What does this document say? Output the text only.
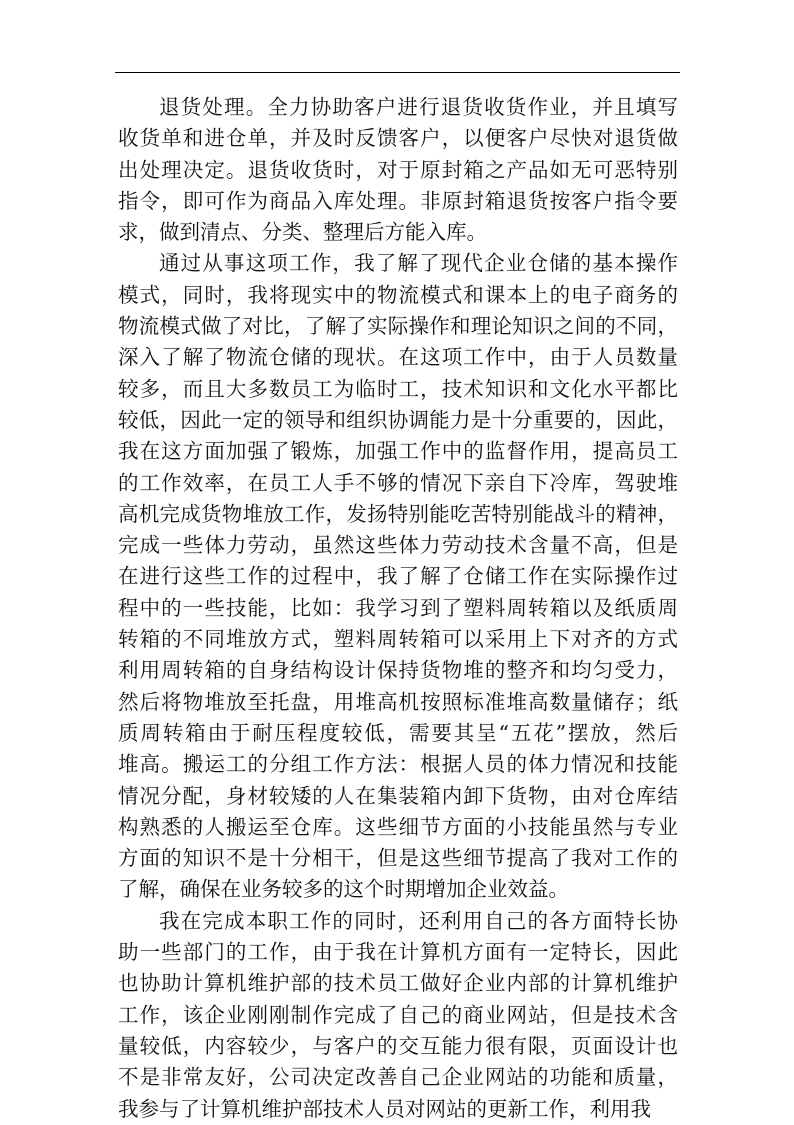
退货处理。全力协助客户进行退货收货作业，并且填写
收货单和进仓单，并及时反馈客户，以便客户尽快对退货做
出处理决定。退货收货时，对于原封箱之产品如无可恶特别
指令，即可作为商品入库处理。非原封箱退货按客户指令要
求，做到清点、分类、整理后方能入库。
通过从事这项工作，我了解了现代企业仓储的基本操作
模式，同时，我将现实中的物流模式和课本上的电子商务的
物流模式做了对比，了解了实际操作和理论知识之间的不同，
深入了解了物流仓储的现状。在这项工作中，由于人员数量
较多，而且大多数员工为临时工，技术知识和文化水平都比
较低，因此一定的领导和组织协调能力是十分重要的，因此，
我在这方面加强了锻炼，加强工作中的监督作用，提高员工
的工作效率，在员工人手不够的情况下亲自下冷库，驾驶堆
高机完成货物堆放工作，发扬特别能吃苦特别能战斗的精神，
完成一些体力劳动，虽然这些体力劳动技术含量不高，但是
在进行这些工作的过程中，我了解了仓储工作在实际操作过
程中的一些技能，比如：我学习到了塑料周转箱以及纸质周
转箱的不同堆放方式，塑料周转箱可以采用上下对齐的方式
利用周转箱的自身结构设计保持货物堆的整齐和均匀受力，
然后将物堆放至托盘，用堆高机按照标准堆高数量储存；纸
质周转箱由于耐压程度较低，需要其呈“五花”摆放，然后
堆高。搬运工的分组工作方法：根据人员的体力情况和技能
情况分配，身材较矮的人在集装箱内卸下货物，由对仓库结
构熟悉的人搬运至仓库。这些细节方面的小技能虽然与专业
方面的知识不是十分相干，但是这些细节提高了我对工作的
了解，确保在业务较多的这个时期增加企业效益。
我在完成本职工作的同时，还利用自己的各方面特长协
助一些部门的工作，由于我在计算机方面有一定特长，因此
也协助计算机维护部的技术员工做好企业内部的计算机维护
工作，该企业刚刚制作完成了自己的商业网站，但是技术含
量较低，内容较少，与客户的交互能力很有限，页面设计也
不是非常友好，公司决定改善自己企业网站的功能和质量，
我参与了计算机维护部技术人员对网站的更新工作，利用我
